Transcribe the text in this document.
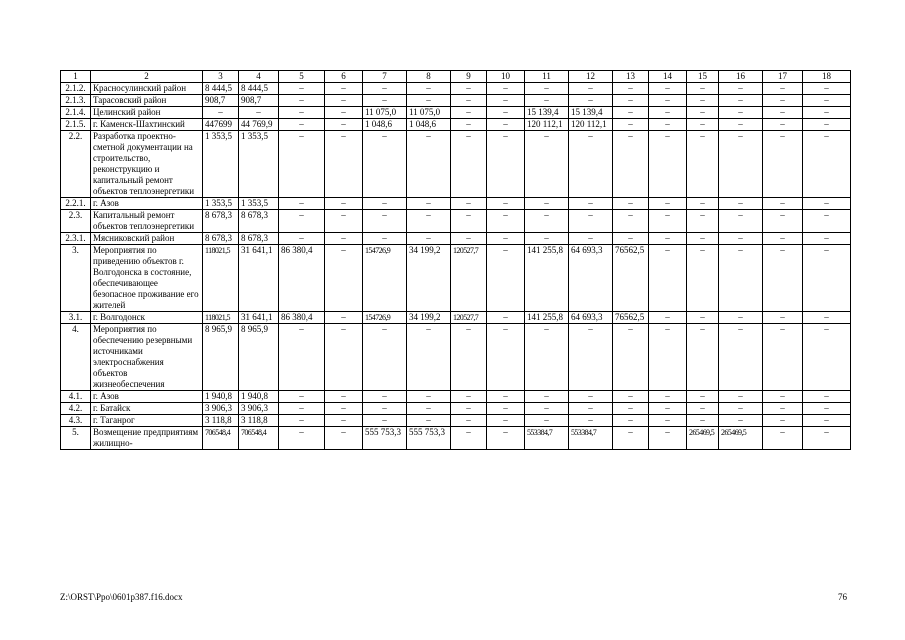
1	2	3	4	5	6	7	8	9	10	11	12	13	14	15	16	17	18
2.1.2.	Красносулинский район	8 444,5	8 444,5	–	–	–	–	–	–	–	–	–	–	–	–	–	–
2.1.3.	Тарасовский район	908,7	908,7	–	–	–	–	–	–	–	–	–	–	–	–	–	–
2.1.4.	Целинский район	–	–	–	–	11 075,0	11 075,0	–	–	15 139,4	15 139,4	–	–	–	–	–	–
2.1.5.	г. Каменск-Шахтинский	447699	44 769,9	–	–	1 048,6	1 048,6	–	–	120 112,1	120 112,1	–	–	–	–	–	–
2.2.	Разработка проектно-сметной документации на строительство, реконструкцию и капитальный ремонт объектов теплоэнергетики	1 353,5	1 353,5	–	–	–	–	–	–	–	–	–	–	–	–	–	–
2.2.1.	г. Азов	1 353,5	1 353,5	–	–	–	–	–	–	–	–	–	–	–	–	–	–
2.3.	Капитальный ремонт объектов теплоэнергетики	8 678,3	8 678,3	–	–	–	–	–	–	–	–	–	–	–	–	–	–
2.3.1.	Мясниковский район	8 678,3	8 678,3	–	–	–	–	–	–	–	–	–	–	–	–	–	–
3.	Мероприятия по приведению объектов г. Волгодонска в состояние, обеспечивающее безопасное проживание его жителей	118021,5	31 641,1	86 380,4	–	154726,9	34 199,2	120527,7	–	141 255,8	64 693,3	76562,5	–	–	–	–	–
3.1.	г. Волгодонск	118021,5	31 641,1	86 380,4	–	154726,9	34 199,2	120527,7	–	141 255,8	64 693,3	76562,5	–	–	–	–	–
4.	Мероприятия по обеспечению резервными источниками электроснабжения объектов жизнеобеспечения	8 965,9	8 965,9	–	–	–	–	–	–	–	–	–	–	–	–	–	–
4.1.	г. Азов	1 940,8	1 940,8	–	–	–	–	–	–	–	–	–	–	–	–	–	–
4.2.	г. Батайск	3 906,3	3 906,3	–	–	–	–	–	–	–	–	–	–	–	–	–	–
4.3.	г. Таганрог	3 118,8	3 118,8	–	–	–	–	–	–	–	–	–	–	–	–	–	–
5.	Возмещение предприятиям жилищно-	706548,4	706548,4	–	–	555 753,3	555 753,3	–	–	553384,7	553384,7	–	–	265469,5	265469,5	–	–
Z:\ORST\Ppo\0601p387.f16.docx	76
